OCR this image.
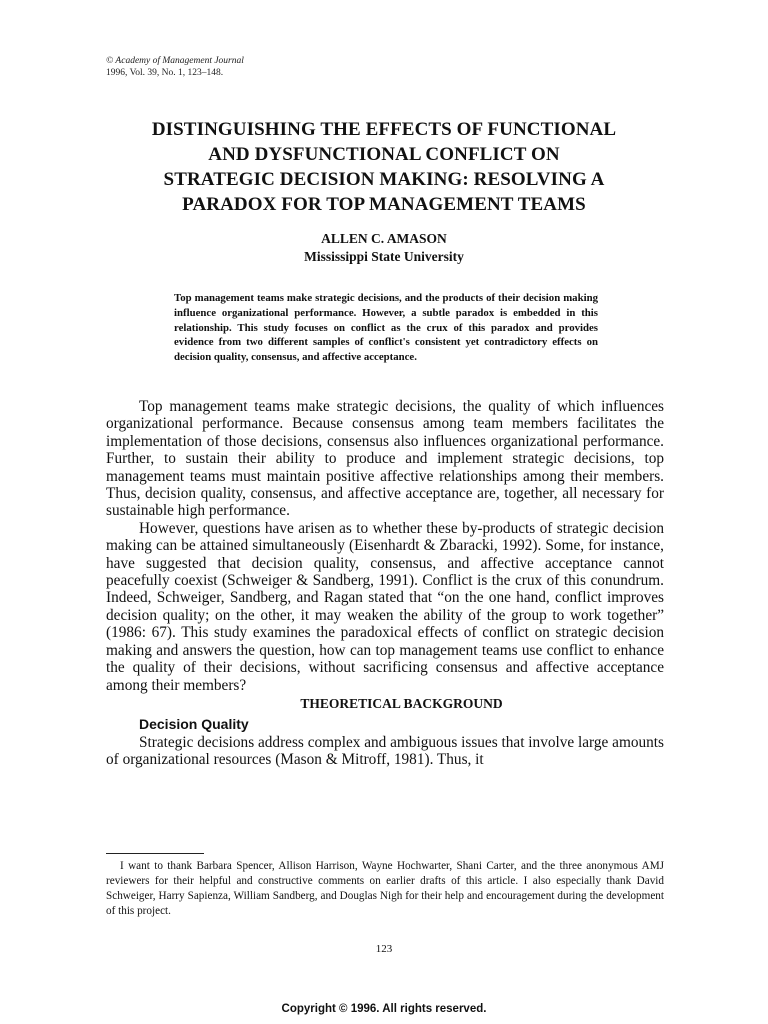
© Academy of Management Journal
1996, Vol. 39, No. 1, 123–148.
DISTINGUISHING THE EFFECTS OF FUNCTIONAL
AND DYSFUNCTIONAL CONFLICT ON
STRATEGIC DECISION MAKING: RESOLVING A
PARADOX FOR TOP MANAGEMENT TEAMS
ALLEN C. AMASON
Mississippi State University
Top management teams make strategic decisions, and the products of their decision making influence organizational performance. However, a subtle paradox is embedded in this relationship. This study focuses on conflict as the crux of this paradox and provides evidence from two different samples of conflict's consistent yet contradictory effects on decision quality, consensus, and affective acceptance.

Top management teams make strategic decisions, the quality of which influences organizational performance. Because consensus among team members facilitates the implementation of those decisions, consensus also influences organizational performance. Further, to sustain their ability to produce and implement strategic decisions, top management teams must maintain positive affective relationships among their members. Thus, decision quality, consensus, and affective acceptance are, together, all necessary for sustainable high performance.

However, questions have arisen as to whether these by-products of strategic decision making can be attained simultaneously (Eisenhardt & Zbaracki, 1992). Some, for instance, have suggested that decision quality, consensus, and affective acceptance cannot peacefully coexist (Schweiger & Sandberg, 1991). Conflict is the crux of this conundrum. Indeed, Schweiger, Sandberg, and Ragan stated that “on the one hand, conflict improves decision quality; on the other, it may weaken the ability of the group to work together” (1986: 67). This study examines the paradoxical effects of conflict on strategic decision making and answers the question, how can top management teams use conflict to enhance the quality of their decisions, without sacrificing consensus and affective acceptance among their members?

THEORETICAL BACKGROUND

Decision Quality

Strategic decisions address complex and ambiguous issues that involve large amounts of organizational resources (Mason & Mitroff, 1981). Thus, it

I want to thank Barbara Spencer, Allison Harrison, Wayne Hochwarter, Shani Carter, and the three anonymous AMJ reviewers for their helpful and constructive comments on earlier drafts of this article. I also especially thank David Schweiger, Harry Sapienza, William Sandberg, and Douglas Nigh for their help and encouragement during the development of this project.

123
Copyright © 1996. All rights reserved.
